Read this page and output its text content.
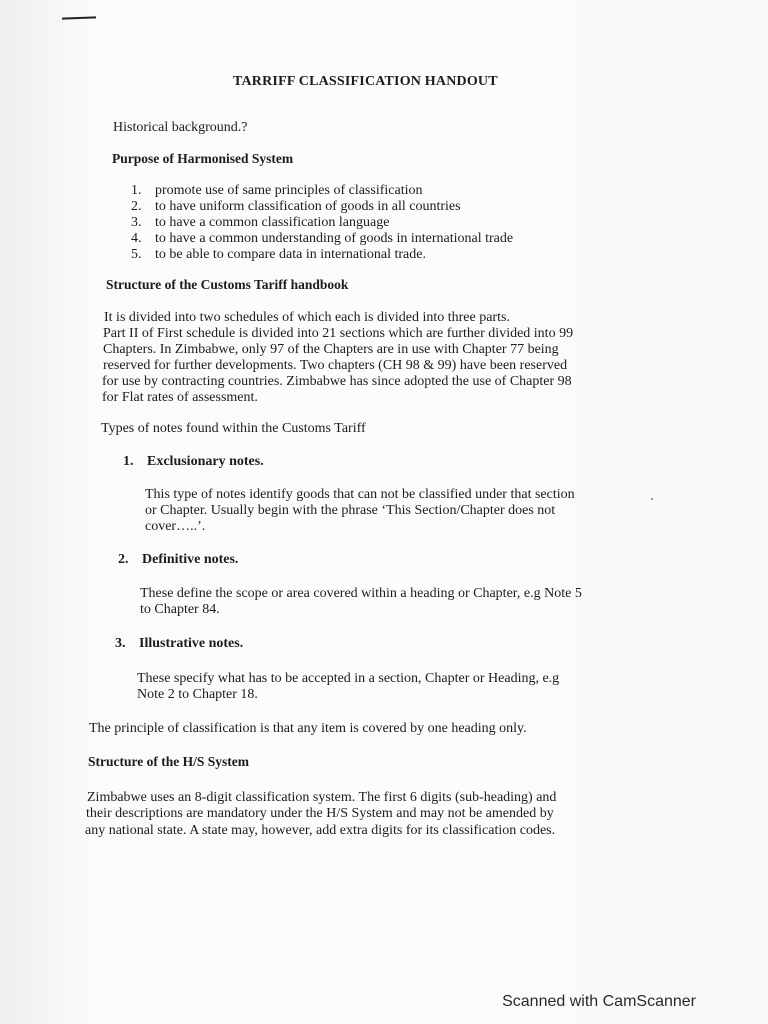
TARRIFF CLASSIFICATION HANDOUT
Historical background.?
Purpose of Harmonised System
1. promote use of same principles of classification
2. to have uniform classification of goods in all countries
3. to have a common classification language
4. to have a common understanding of goods in international trade
5. to be able to compare data in international trade.
Structure of the Customs Tariff handbook
It is divided into two schedules of which each is divided into three parts.
Part II of First schedule is divided into 21 sections which are further divided into 99
Chapters. In Zimbabwe, only 97 of the Chapters are in use with Chapter 77 being
reserved for further developments. Two chapters (CH 98 & 99) have been reserved
for use by contracting countries. Zimbabwe has since adopted the use of Chapter 98
for Flat rates of assessment.
Types of notes found within the Customs Tariff
1. Exclusionary notes.
This type of notes identify goods that can not be classified under that section
or Chapter. Usually begin with the phrase ‘This Section/Chapter does not
cover…..’.
2. Definitive notes.
These define the scope or area covered within a heading or Chapter, e.g Note 5
to Chapter 84.
3. Illustrative notes.
These specify what has to be accepted in a section, Chapter or Heading, e.g
Note 2 to Chapter 18.
The principle of classification is that any item is covered by one heading only.
Structure of the H/S System
Zimbabwe uses an 8-digit classification system. The first 6 digits (sub-heading) and
their descriptions are mandatory under the H/S System and may not be amended by
any national state. A state may, however, add extra digits for its classification codes.
Scanned with CamScanner
